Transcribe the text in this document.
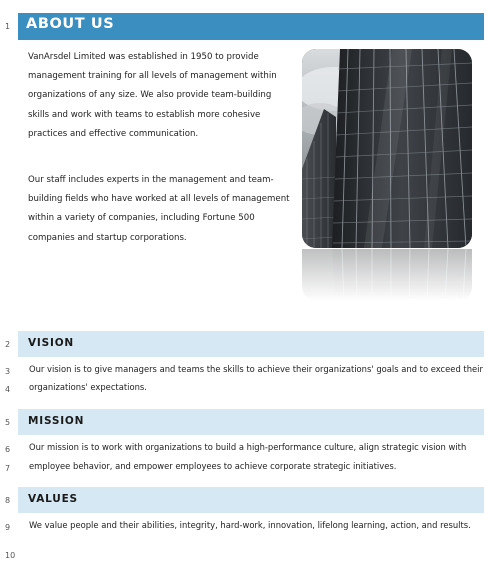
1
2
3
4
5
6
7
8
9
10
ABOUT US

VanArsdel Limited was established in 1950 to provide management training for all levels of management within organizations of any size. We also provide team-building skills and work with teams to establish more cohesive practices and effective communication.

Our staff includes experts in the management and team-building fields who have worked at all levels of management within a variety of companies, including Fortune 500 companies and startup corporations.

VISION

Our vision is to give managers and teams the skills to achieve their organizations' goals and to exceed their

organizations' expectations.

MISSION

Our mission is to work with organizations to build a high-performance culture, align strategic vision with

employee behavior, and empower employees to achieve corporate strategic initiatives.

VALUES

We value people and their abilities, integrity, hard-work, innovation, lifelong learning, action, and results.
